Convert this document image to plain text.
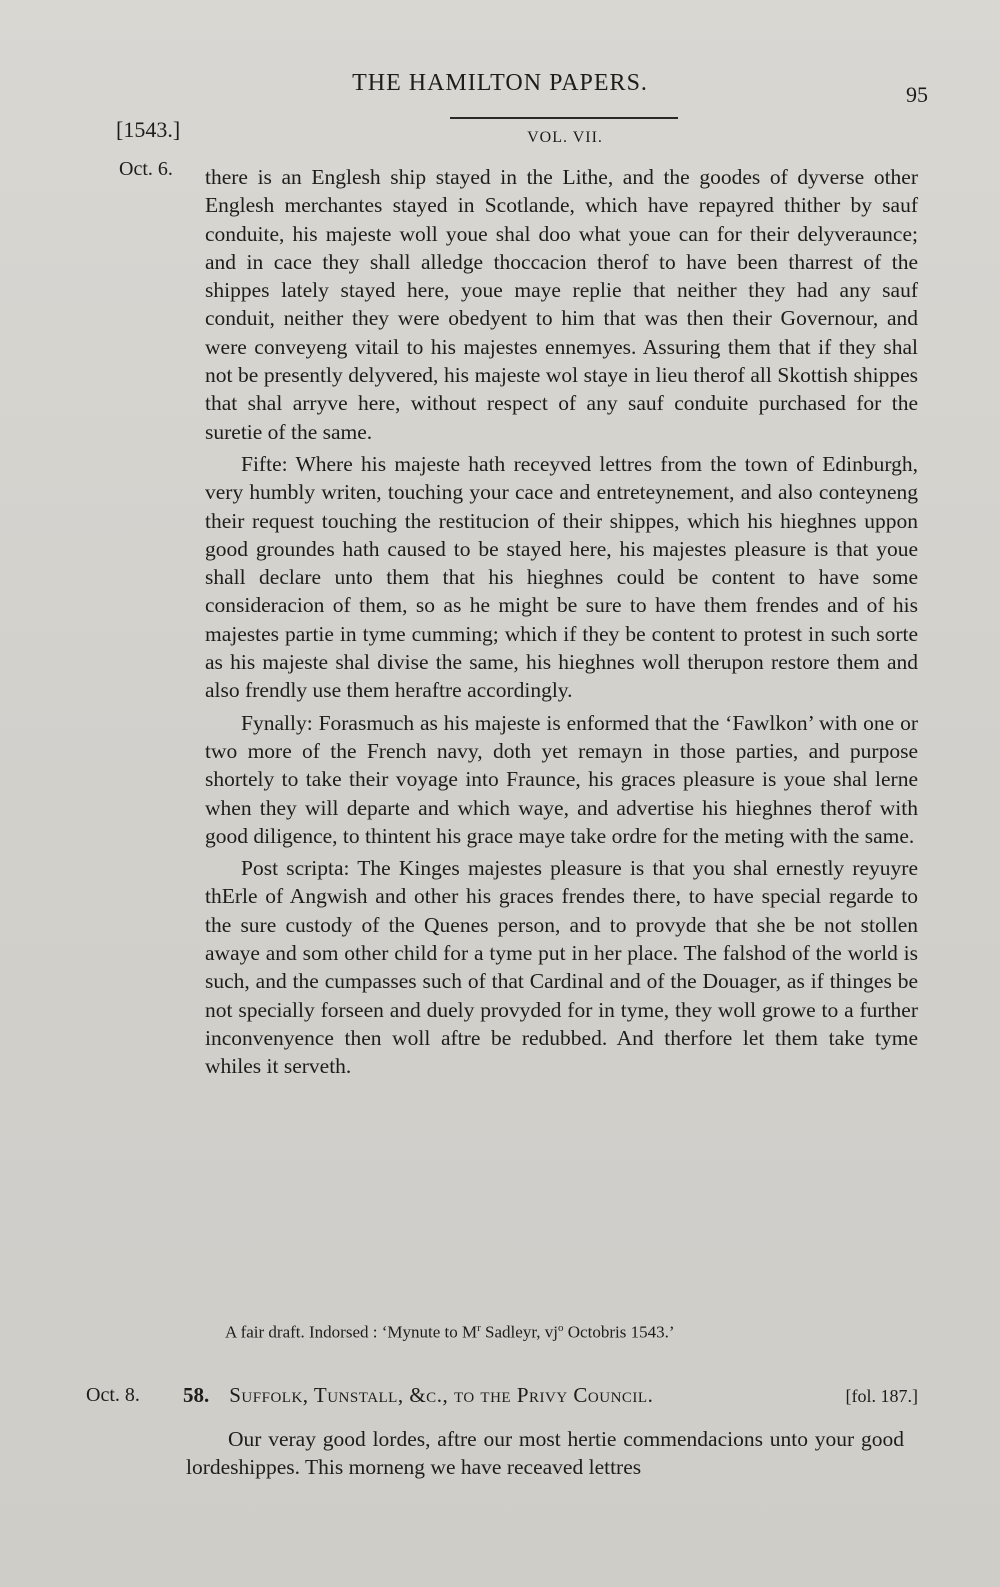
THE HAMILTON PAPERS.	95
[1543.]	VOL. VII.
Oct. 6. there is an Englesh ship stayed in the Lithe, and the goodes of dyverse other Englesh merchantes stayed in Scotlande, which have repayred thither by sauf conduite, his majeste woll youe shal doo what youe can for their delyveraunce; and in cace they shall alledge thoccacion therof to have been tharrest of the shippes lately stayed here, youe maye replie that neither they had any sauf conduit, neither they were obedyent to him that was then their Governour, and were conveyeng vitail to his majestes ennemyes. Assuring them that if they shal not be presently delyvered, his majeste wol staye in lieu therof all Skottish shippes that shal arryve here, without respect of any sauf conduite purchased for the suretie of the same.

Fifte: Where his majeste hath receyved lettres from the town of Edinburgh, very humbly writen, touching your cace and entreteynement, and also conteyneng their request touching the restitucion of their shippes, which his hieghnes uppon good groundes hath caused to be stayed here, his majestes pleasure is that youe shall declare unto them that his hieghnes could be content to have some consideracion of them, so as he might be sure to have them frendes and of his majestes partie in tyme cumming; which if they be content to protest in such sorte as his majeste shal divise the same, his hieghnes woll therupon restore them and also frendly use them heraftre accordingly.

Fynally: Forasmuch as his majeste is enformed that the ‘Fawlkon’ with one or two more of the French navy, doth yet remayn in those parties, and purpose shortely to take their voyage into Fraunce, his graces pleasure is youe shal lerne when they will departe and which waye, and advertise his hieghnes therof with good diligence, to thintent his grace maye take ordre for the meting with the same.

Post scripta: The Kinges majestes pleasure is that you shal ernestly reyuyre thErle of Angwish and other his graces frendes there, to have special regarde to the sure custody of the Quenes person, and to provyde that she be not stollen awaye and som other child for a tyme put in her place. The falshod of the world is such, and the cumpasses such of that Cardinal and of the Douager, as if thinges be not specially forseen and duely provyded for in tyme, they woll growe to a further inconvenyence then woll aftre be redubbed. And therfore let them take tyme whiles it serveth.

A fair draft. Indorsed : ‘Mynute to $M^r$ Sadleyr, $vj^o$ Octobris 1543.’
Oct. 8. 58. Suffolk, Tunstall, &c., to the Privy Council.	[fol. 187.]

Our veray good lordes, aftre our most hertie commendacions unto your good lordeshippes. This morneng we have receaved lettres
